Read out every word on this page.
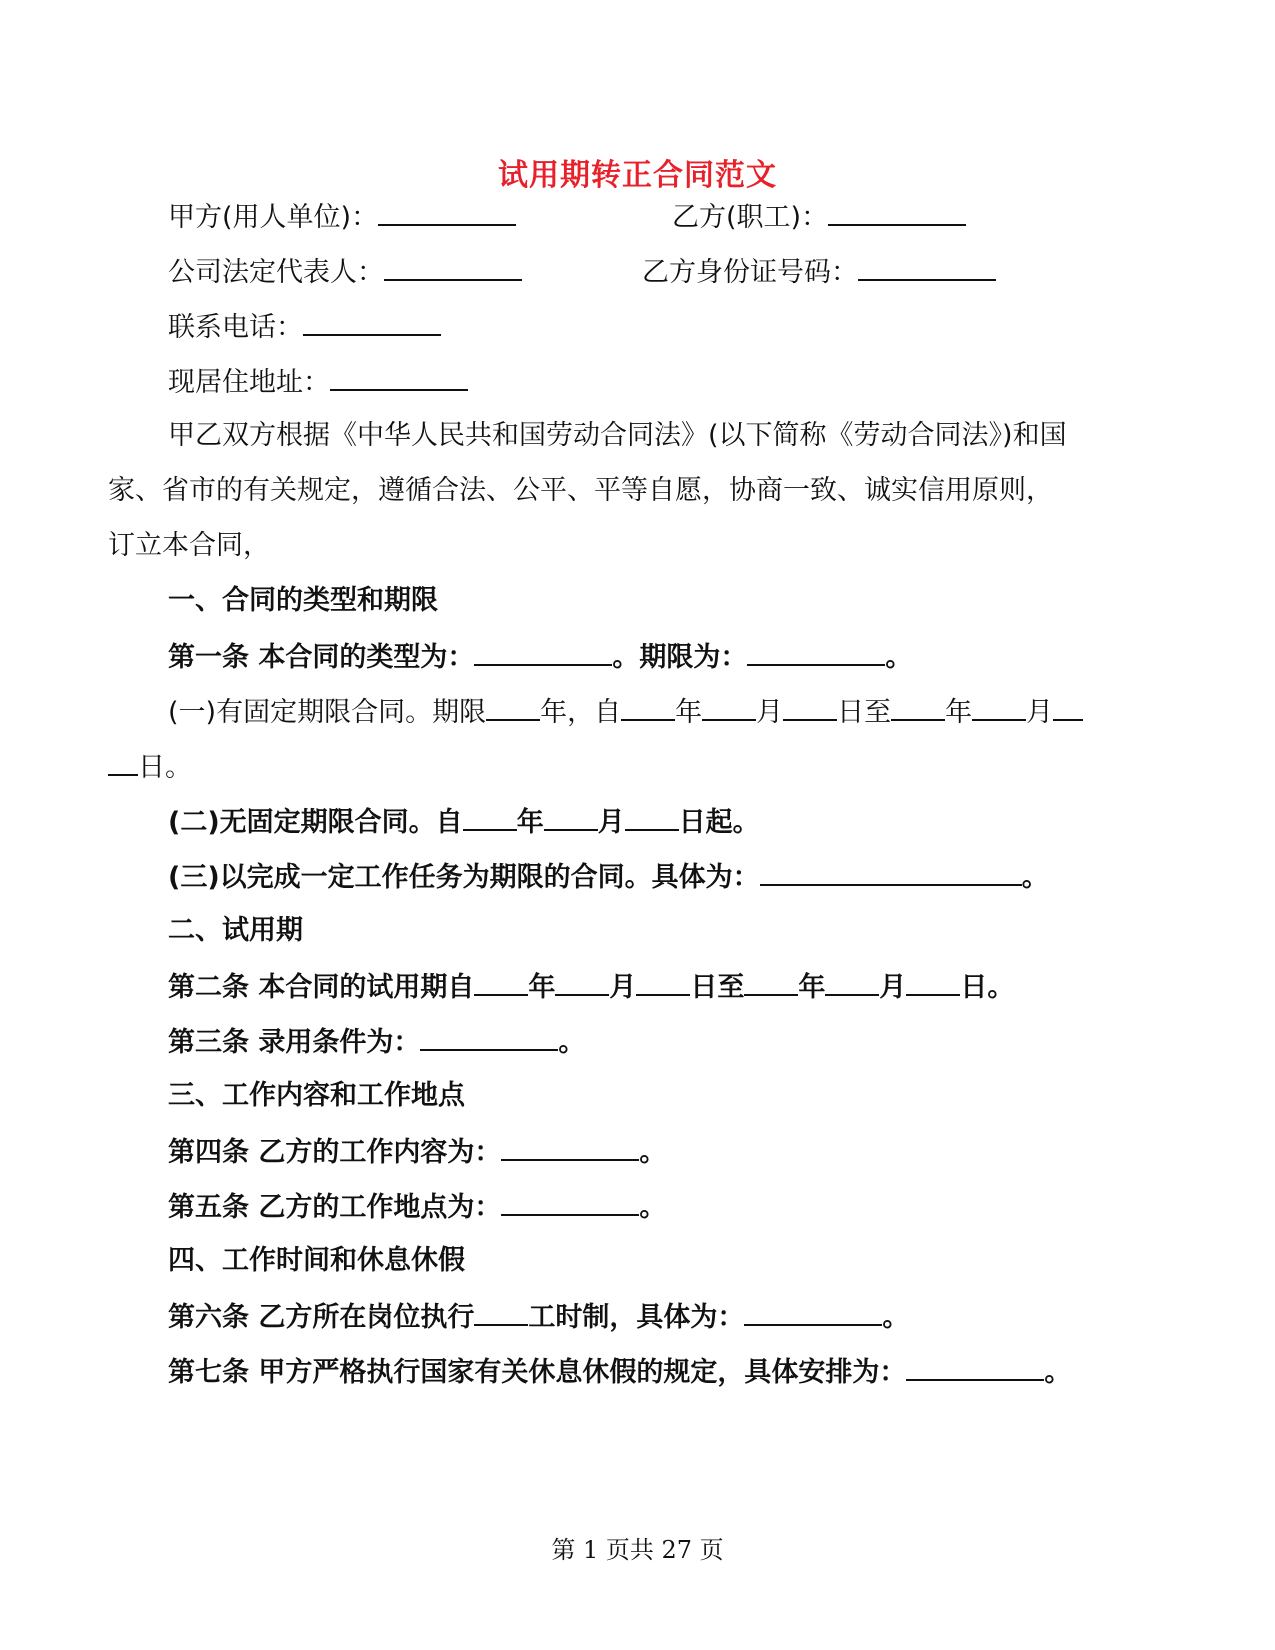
试用期转正合同范文
甲方(用人单位)：	乙方(职工)：
公司法定代表人：	乙方身份证号码：
联系电话：
现居住地址：
甲乙双方根据《中华人民共和国劳动合同法》(以下简称《劳动合同法》)和国
家、省市的有关规定，遵循合法、公平、平等自愿，协商一致、诚实信用原则，
订立本合同，
一、合同的类型和期限
第一条 本合同的类型为：	。期限为：	。
(一)有固定期限合同。期限 年，自 年 月 日至 年 月
日。
(二)无固定期限合同。自 年 月 日起。
(三)以完成一定工作任务为期限的合同。具体为：	。
二、试用期
第二条 本合同的试用期自 年 月 日至 年 月 日。
第三条 录用条件为：	。
三、工作内容和工作地点
第四条 乙方的工作内容为：	。
第五条 乙方的工作地点为：	。
四、工作时间和休息休假
第六条 乙方所在岗位执行 工时制，具体为：	。
第七条 甲方严格执行国家有关休息休假的规定，具体安排为：	。
第 1 页共 27 页
